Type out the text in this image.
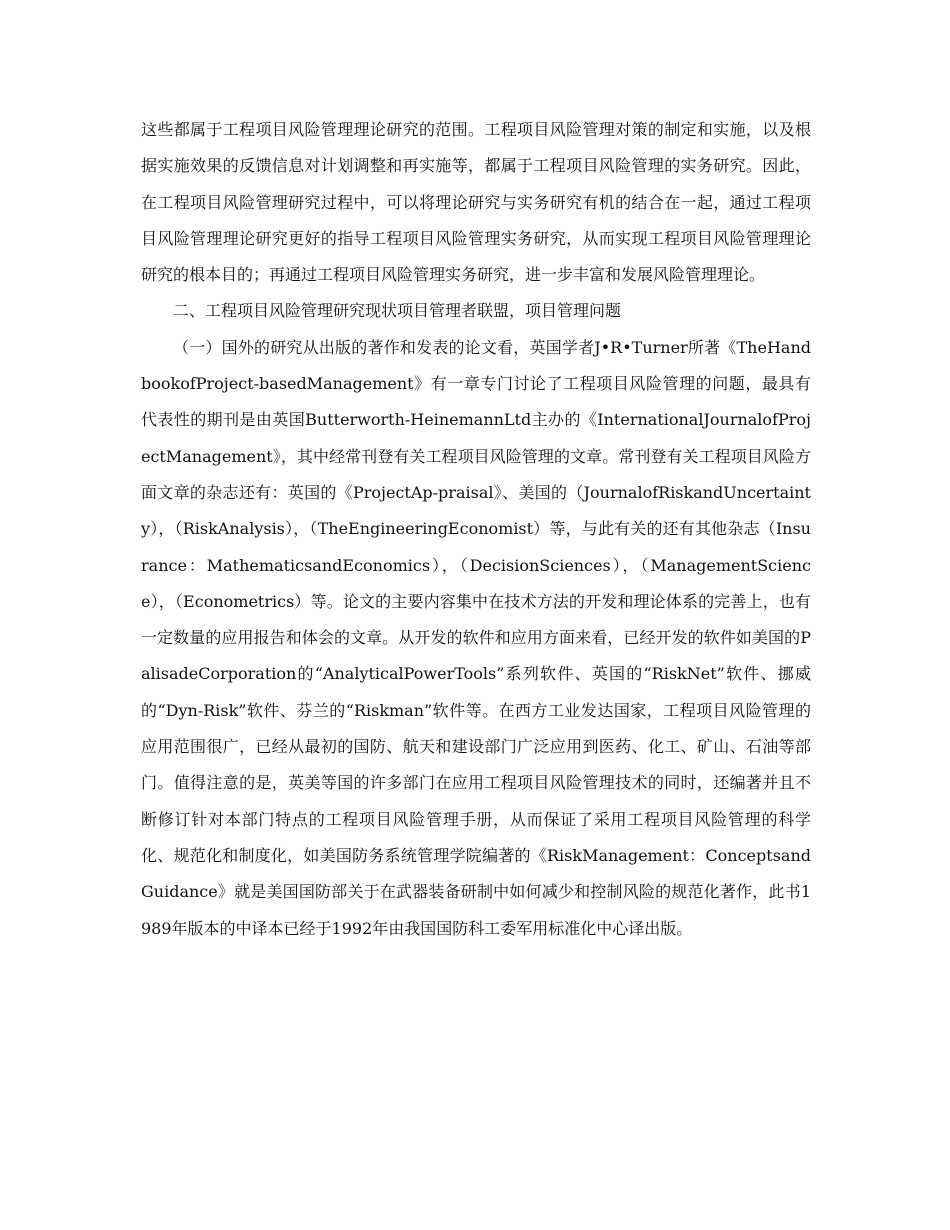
这些都属于工程项目风险管理理论研究的范围。工程项目风险管理对策的制定和实施，以及根据实施效果的反馈信息对计划调整和再实施等，都属于工程项目风险管理的实务研究。因此，在工程项目风险管理研究过程中，可以将理论研究与实务研究有机的结合在一起，通过工程项目风险管理理论研究更好的指导工程项目风险管理实务研究，从而实现工程项目风险管理理论研究的根本目的；再通过工程项目风险管理实务研究，进一步丰富和发展风险管理理论。

二、工程项目风险管理研究现状项目管理者联盟，项目管理问题

（一）国外的研究从出版的著作和发表的论文看，英国学者J•R•Turner所著《TheHandbookofProject-basedManagement》有一章专门讨论了工程项目风险管理的问题，最具有代表性的期刊是由英国Butterworth-HeinemannLtd主办的《InternationalJournalofProjectManagement》，其中经常刊登有关工程项目风险管理的文章。常刊登有关工程项目风险方面文章的杂志还有：英国的《ProjectAp-praisal》、美国的（JournalofRiskandUncertainty），（RiskAnalysis），（TheEngineeringEconomist）等，与此有关的还有其他杂志（Insurance：MathematicsandEconomics），（DecisionSciences），（ManagementScience），（Econometrics）等。论文的主要内容集中在技术方法的开发和理论体系的完善上，也有一定数量的应用报告和体会的文章。从开发的软件和应用方面来看，已经开发的软件如美国的PalisadeCorporation的“AnalyticalPowerTools”系列软件、英国的“RiskNet”软件、挪威的“Dyn-Risk”软件、芬兰的“Riskman”软件等。在西方工业发达国家，工程项目风险管理的应用范围很广，已经从最初的国防、航天和建设部门广泛应用到医药、化工、矿山、石油等部门。值得注意的是，英美等国的许多部门在应用工程项目风险管理技术的同时，还编著并且不断修订针对本部门特点的工程项目风险管理手册，从而保证了采用工程项目风险管理的科学化、规范化和制度化，如美国防务系统管理学院编著的《RiskManagement：ConceptsandGuidance》就是美国国防部关于在武器装备研制中如何减少和控制风险的规范化著作，此书1989年版本的中译本已经于1992年由我国国防科工委军用标准化中心译出版。
